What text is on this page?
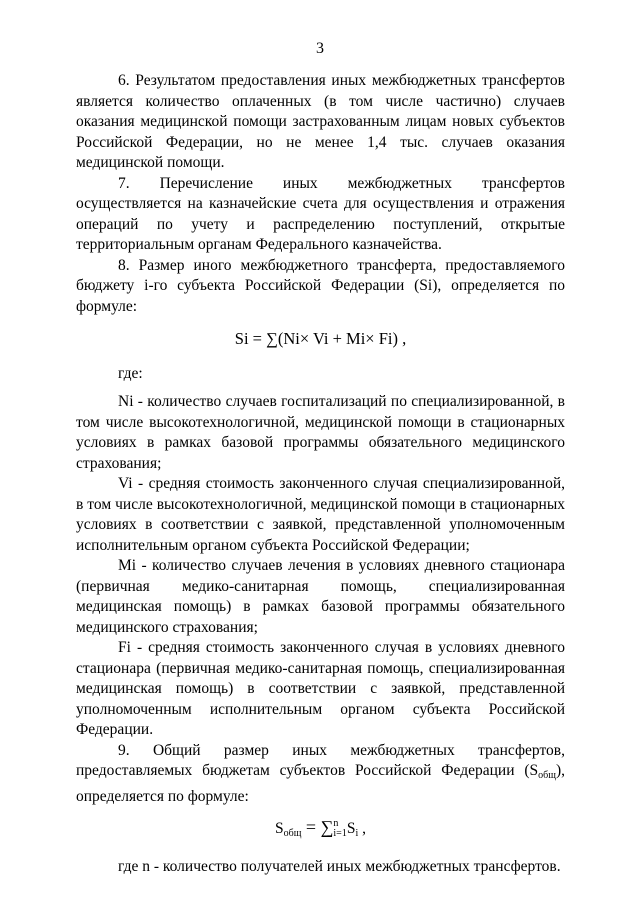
3

6. Результатом предоставления иных межбюджетных трансфертов является количество оплаченных (в том числе частично) случаев оказания медицинской помощи застрахованным лицам новых субъектов Российской Федерации, но не менее 1,4 тыс. случаев оказания медицинской помощи.

7. Перечисление иных межбюджетных трансфертов осуществляется на казначейские счета для осуществления и отражения операций по учету и распределению поступлений, открытые территориальным органам Федерального казначейства.

8. Размер иного межбюджетного трансферта, предоставляемого бюджету i-го субъекта Российской Федерации (Si), определяется по формуле:

Si = ∑(Ni× Vi + Mi× Fi) ,

где:

Ni - количество случаев госпитализаций по специализированной, в том числе высокотехнологичной, медицинской помощи в стационарных условиях в рамках базовой программы обязательного медицинского страхования;

Vi - средняя стоимость законченного случая специализированной, в том числе высокотехнологичной, медицинской помощи в стационарных условиях в соответствии с заявкой, представленной уполномоченным исполнительным органом субъекта Российской Федерации;

Mi - количество случаев лечения в условиях дневного стационара (первичная медико-санитарная помощь, специализированная медицинская помощь) в рамках базовой программы обязательного медицинского страхования;

Fi - средняя стоимость законченного случая в условиях дневного стационара (первичная медико-санитарная помощь, специализированная медицинская помощь) в соответствии с заявкой, представленной уполномоченным исполнительным органом субъекта Российской Федерации.

9. Общий размер иных межбюджетных трансфертов, предоставляемых бюджетам субъектов Российской Федерации $(S_{общ})$, определяется по формуле:

$S_{общ}$ = ∑ n
i=1 $S_i$ ,

где n - количество получателей иных межбюджетных трансфертов.
